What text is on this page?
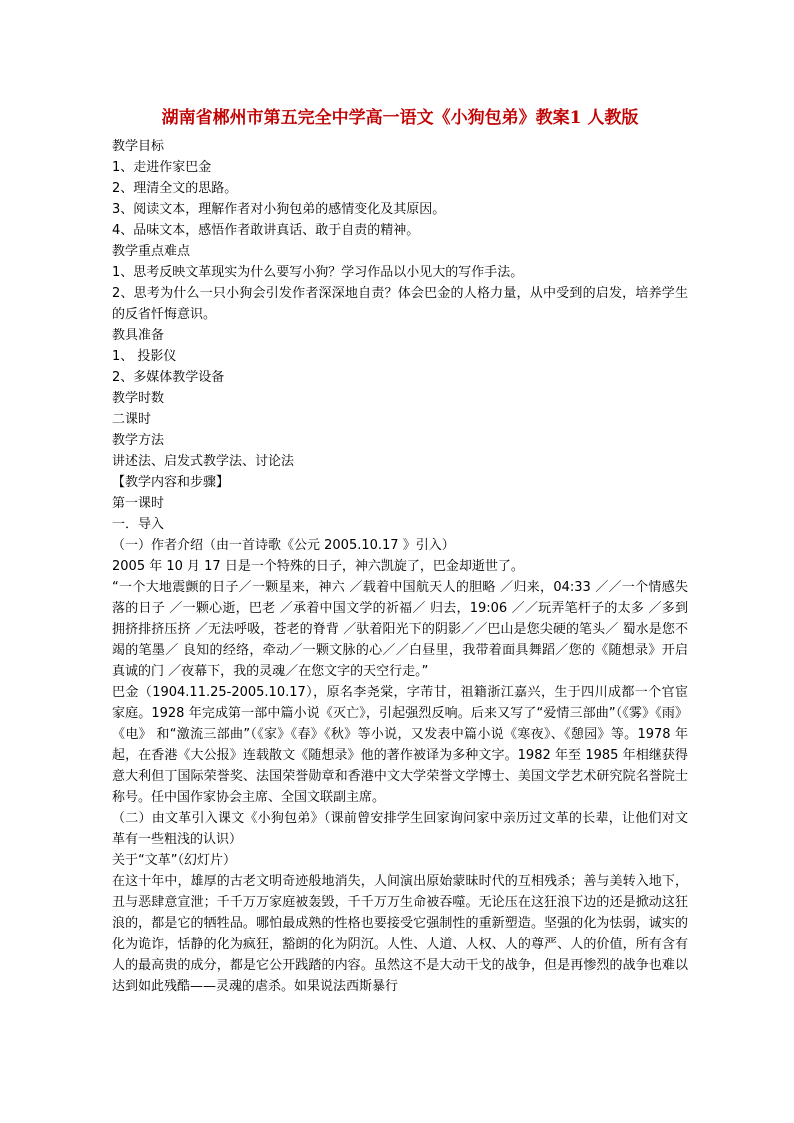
湖南省郴州市第五完全中学高一语文《小狗包弟》教案1 人教版

教学目标

1、走进作家巴金

2、理清全文的思路。

3、阅读文本，理解作者对小狗包弟的感情变化及其原因。

4、品味文本，感悟作者敢讲真话、敢于自责的精神。

教学重点难点

1、思考反映文革现实为什么要写小狗？学习作品以小见大的写作手法。

2、思考为什么一只小狗会引发作者深深地自责？体会巴金的人格力量，从中受到的启发，培养学生的反省忏悔意识。

教具准备

1、 投影仪

2、多媒体教学设备

教学时数

二课时

教学方法

讲述法、启发式教学法、讨论法

【教学内容和步骤】

第一课时

一．导入

（一）作者介绍（由一首诗歌《公元 2005.10.17 》引入）

2005 年 10 月 17 日是一个特殊的日子，神六凯旋了，巴金却逝世了。

“一个大地震颤的日子／一颗星来，神六 ／载着中国航天人的胆略 ／归来，04:33 ／／一个情感失落的日子 ／一颗心逝，巴老 ／承着中国文学的祈福／ 归去，19:06 ／／玩弄笔杆子的太多 ／多到拥挤排挤压挤 ／无法呼吸，苍老的脊背 ／驮着阳光下的阴影／／巴山是您尖硬的笔头／ 蜀水是您不竭的笔墨／ 良知的经络，牵动／一颗文脉的心／／白昼里，我带着面具舞蹈／您的《随想录》开启真诚的门 ／夜幕下，我的灵魂／在您文字的天空行走。”

巴金（1904.11.25-2005.10.17），原名李尧棠，字芾甘，祖籍浙江嘉兴，生于四川成都一个官宦家庭。1928 年完成第一部中篇小说《灭亡》，引起强烈反响。后来又写了“爱情三部曲”（《雾》《雨》《电》 和“激流三部曲”（《家》《春》《秋》等小说，又发表中篇小说《寒夜》、《憩园》等。1978 年起，在香港《大公报》连载散文《随想录》他的著作被译为多种文字。1982 年至 1985 年相继获得意大利但丁国际荣誉奖、法国荣誉勋章和香港中文大学荣誉文学博士、美国文学艺术研究院名誉院士称号。任中国作家协会主席、全国文联副主席。

（二）由文革引入课文《小狗包弟》（课前曾安排学生回家询问家中亲历过文革的长辈，让他们对文革有一些粗浅的认识）

关于“文革”（幻灯片）

在这十年中，雄厚的古老文明奇迹般地消失，人间演出原始蒙昧时代的互相残杀；善与美转入地下，丑与恶肆意宣泄；千千万万家庭被轰毁，千千万万生命被吞噬。无论压在这狂浪下边的还是掀动这狂浪的，都是它的牺牲品。哪怕最成熟的性格也要接受它强制性的重新塑造。坚强的化为怯弱，诚实的化为诡诈，恬静的化为疯狂，豁朗的化为阴沉。人性、人道、人权、人的尊严、人的价值，所有含有人的最高贵的成分，都是它公开践踏的内容。虽然这不是大动干戈的战争，但是再惨烈的战争也难以达到如此残酷——灵魂的虐杀。如果说法西斯暴行
